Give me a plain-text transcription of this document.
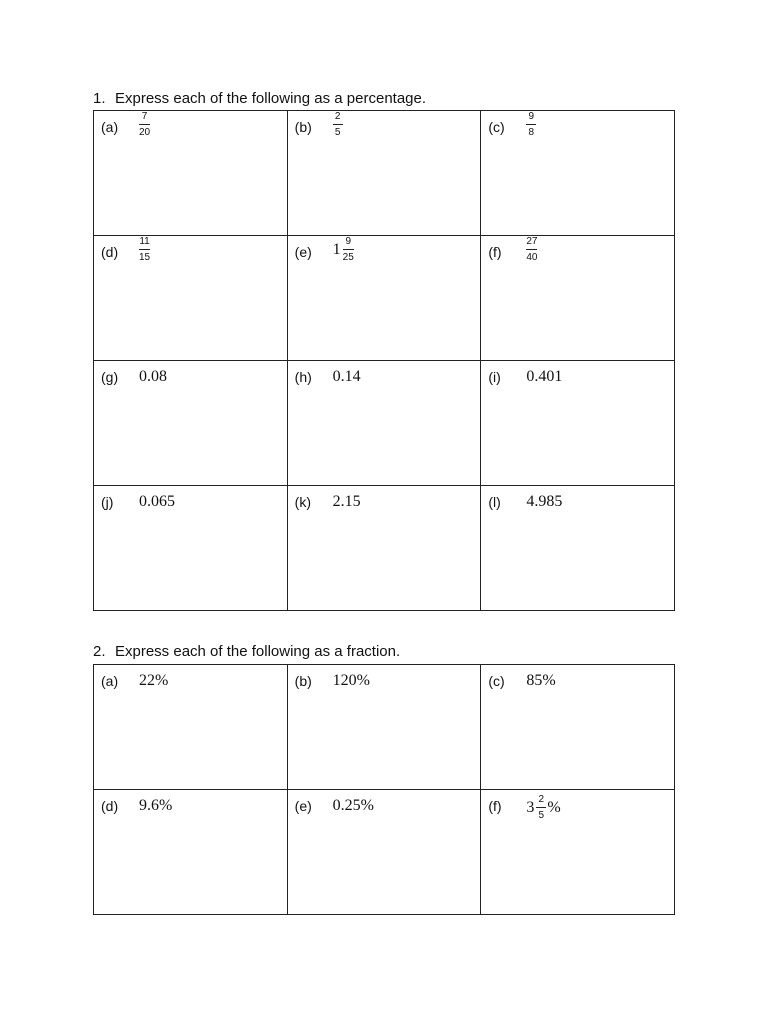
1. Express each of the following as a percentage.
$(a) \frac{7}{20}$	$(b) \frac{2}{5}$	$(c) \frac{9}{8}$

$(d) \frac{11}{15}$	(e) $1 \frac{9}{25}$	$(f) \frac{27}{40}$

(g) 0.08	(h) 0.14	(i) 0.401

(j) 0.065	(k) 2.15	(l) 4.985
2. Express each of the following as a fraction.
(a) 22%	(b) 120%	(c) 85%

(d) 9.6%	(e) 0.25%	(f) $3 \frac{2}{5}$ %
